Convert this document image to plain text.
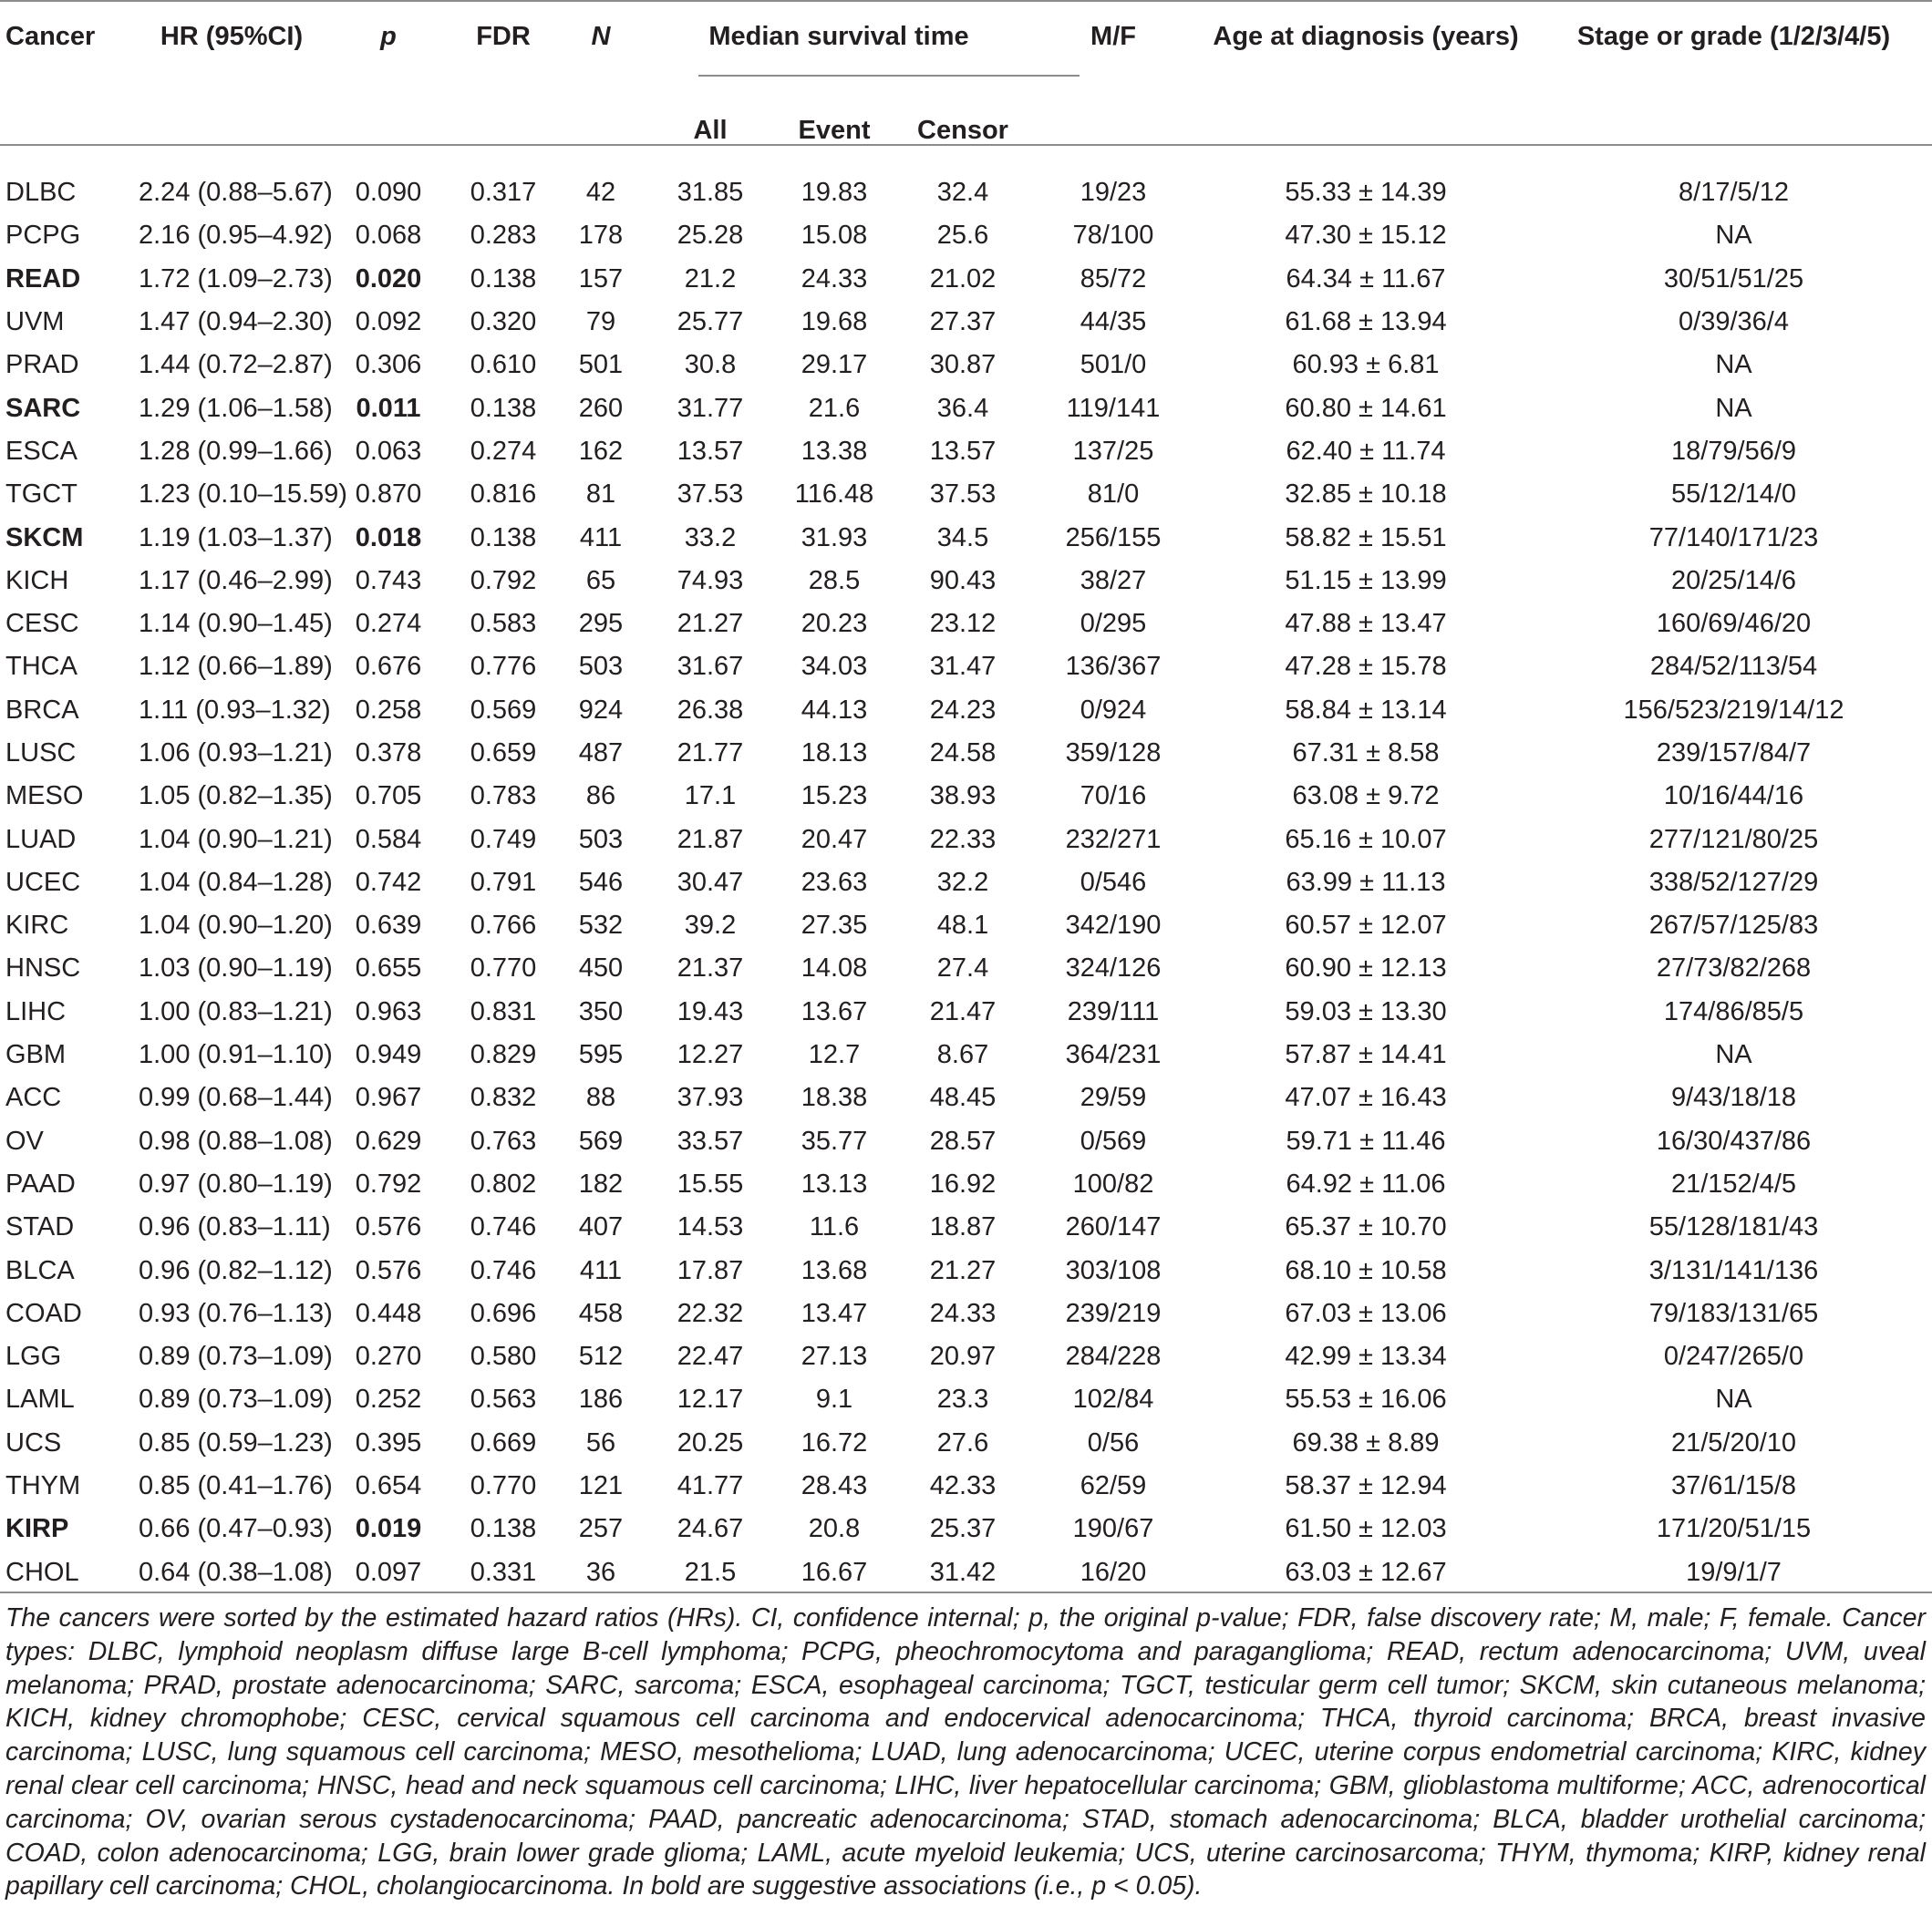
Cancer	HR (95%CI)	p	FDR	N	Median survival time			M/F	Age at diagnosis (years)	Stage or grade (1/2/3/4/5)
					All	Event	Censor			
DLBC	2.24 (0.88–5.67)	0.090	0.317	42	31.85	19.83	32.4	19/23	55.33 ± 14.39	8/17/5/12
PCPG	2.16 (0.95–4.92)	0.068	0.283	178	25.28	15.08	25.6	78/100	47.30 ± 15.12	NA
READ	1.72 (1.09–2.73)	0.020	0.138	157	21.2	24.33	21.02	85/72	64.34 ± 11.67	30/51/51/25
UVM	1.47 (0.94–2.30)	0.092	0.320	79	25.77	19.68	27.37	44/35	61.68 ± 13.94	0/39/36/4
PRAD	1.44 (0.72–2.87)	0.306	0.610	501	30.8	29.17	30.87	501/0	60.93 ± 6.81	NA
SARC	1.29 (1.06–1.58)	0.011	0.138	260	31.77	21.6	36.4	119/141	60.80 ± 14.61	NA
ESCA	1.28 (0.99–1.66)	0.063	0.274	162	13.57	13.38	13.57	137/25	62.40 ± 11.74	18/79/56/9
TGCT	1.23 (0.10–15.59)	0.870	0.816	81	37.53	116.48	37.53	81/0	32.85 ± 10.18	55/12/14/0
SKCM	1.19 (1.03–1.37)	0.018	0.138	411	33.2	31.93	34.5	256/155	58.82 ± 15.51	77/140/171/23
KICH	1.17 (0.46–2.99)	0.743	0.792	65	74.93	28.5	90.43	38/27	51.15 ± 13.99	20/25/14/6
CESC	1.14 (0.90–1.45)	0.274	0.583	295	21.27	20.23	23.12	0/295	47.88 ± 13.47	160/69/46/20
THCA	1.12 (0.66–1.89)	0.676	0.776	503	31.67	34.03	31.47	136/367	47.28 ± 15.78	284/52/113/54
BRCA	1.11 (0.93–1.32)	0.258	0.569	924	26.38	44.13	24.23	0/924	58.84 ± 13.14	156/523/219/14/12
LUSC	1.06 (0.93–1.21)	0.378	0.659	487	21.77	18.13	24.58	359/128	67.31 ± 8.58	239/157/84/7
MESO	1.05 (0.82–1.35)	0.705	0.783	86	17.1	15.23	38.93	70/16	63.08 ± 9.72	10/16/44/16
LUAD	1.04 (0.90–1.21)	0.584	0.749	503	21.87	20.47	22.33	232/271	65.16 ± 10.07	277/121/80/25
UCEC	1.04 (0.84–1.28)	0.742	0.791	546	30.47	23.63	32.2	0/546	63.99 ± 11.13	338/52/127/29
KIRC	1.04 (0.90–1.20)	0.639	0.766	532	39.2	27.35	48.1	342/190	60.57 ± 12.07	267/57/125/83
HNSC	1.03 (0.90–1.19)	0.655	0.770	450	21.37	14.08	27.4	324/126	60.90 ± 12.13	27/73/82/268
LIHC	1.00 (0.83–1.21)	0.963	0.831	350	19.43	13.67	21.47	239/111	59.03 ± 13.30	174/86/85/5
GBM	1.00 (0.91–1.10)	0.949	0.829	595	12.27	12.7	8.67	364/231	57.87 ± 14.41	NA
ACC	0.99 (0.68–1.44)	0.967	0.832	88	37.93	18.38	48.45	29/59	47.07 ± 16.43	9/43/18/18
OV	0.98 (0.88–1.08)	0.629	0.763	569	33.57	35.77	28.57	0/569	59.71 ± 11.46	16/30/437/86
PAAD	0.97 (0.80–1.19)	0.792	0.802	182	15.55	13.13	16.92	100/82	64.92 ± 11.06	21/152/4/5
STAD	0.96 (0.83–1.11)	0.576	0.746	407	14.53	11.6	18.87	260/147	65.37 ± 10.70	55/128/181/43
BLCA	0.96 (0.82–1.12)	0.576	0.746	411	17.87	13.68	21.27	303/108	68.10 ± 10.58	3/131/141/136
COAD	0.93 (0.76–1.13)	0.448	0.696	458	22.32	13.47	24.33	239/219	67.03 ± 13.06	79/183/131/65
LGG	0.89 (0.73–1.09)	0.270	0.580	512	22.47	27.13	20.97	284/228	42.99 ± 13.34	0/247/265/0
LAML	0.89 (0.73–1.09)	0.252	0.563	186	12.17	9.1	23.3	102/84	55.53 ± 16.06	NA
UCS	0.85 (0.59–1.23)	0.395	0.669	56	20.25	16.72	27.6	0/56	69.38 ± 8.89	21/5/20/10
THYM	0.85 (0.41–1.76)	0.654	0.770	121	41.77	28.43	42.33	62/59	58.37 ± 12.94	37/61/15/8
KIRP	0.66 (0.47–0.93)	0.019	0.138	257	24.67	20.8	25.37	190/67	61.50 ± 12.03	171/20/51/15
CHOL	0.64 (0.38–1.08)	0.097	0.331	36	21.5	16.67	31.42	16/20	63.03 ± 12.67	19/9/1/7
The cancers were sorted by the estimated hazard ratios (HRs). CI, confidence internal; p, the original p-value; FDR, false discovery rate; M, male; F, female. Cancer types: DLBC, lymphoid neoplasm diffuse large B-cell lymphoma; PCPG, pheochromocytoma and paraganglioma; READ, rectum adenocarcinoma; UVM, uveal melanoma; PRAD, prostate adenocarcinoma; SARC, sarcoma; ESCA, esophageal carcinoma; TGCT, testicular germ cell tumor; SKCM, skin cutaneous melanoma; KICH, kidney chromophobe; CESC, cervical squamous cell carcinoma and endocervical adenocarcinoma; THCA, thyroid carcinoma; BRCA, breast invasive carcinoma; LUSC, lung squamous cell carcinoma; MESO, mesothelioma; LUAD, lung adenocarcinoma; UCEC, uterine corpus endometrial carcinoma; KIRC, kidney renal clear cell carcinoma; HNSC, head and neck squamous cell carcinoma; LIHC, liver hepatocellular carcinoma; GBM, glioblastoma multiforme; ACC, adrenocortical carcinoma; OV, ovarian serous cystadenocarcinoma; PAAD, pancreatic adenocarcinoma; STAD, stomach adenocarcinoma; BLCA, bladder urothelial carcinoma; COAD, colon adenocarcinoma; LGG, brain lower grade glioma; LAML, acute myeloid leukemia; UCS, uterine carcinosarcoma; THYM, thymoma; KIRP, kidney renal papillary cell carcinoma; CHOL, cholangiocarcinoma. In bold are suggestive associations (i.e., p < 0.05).
